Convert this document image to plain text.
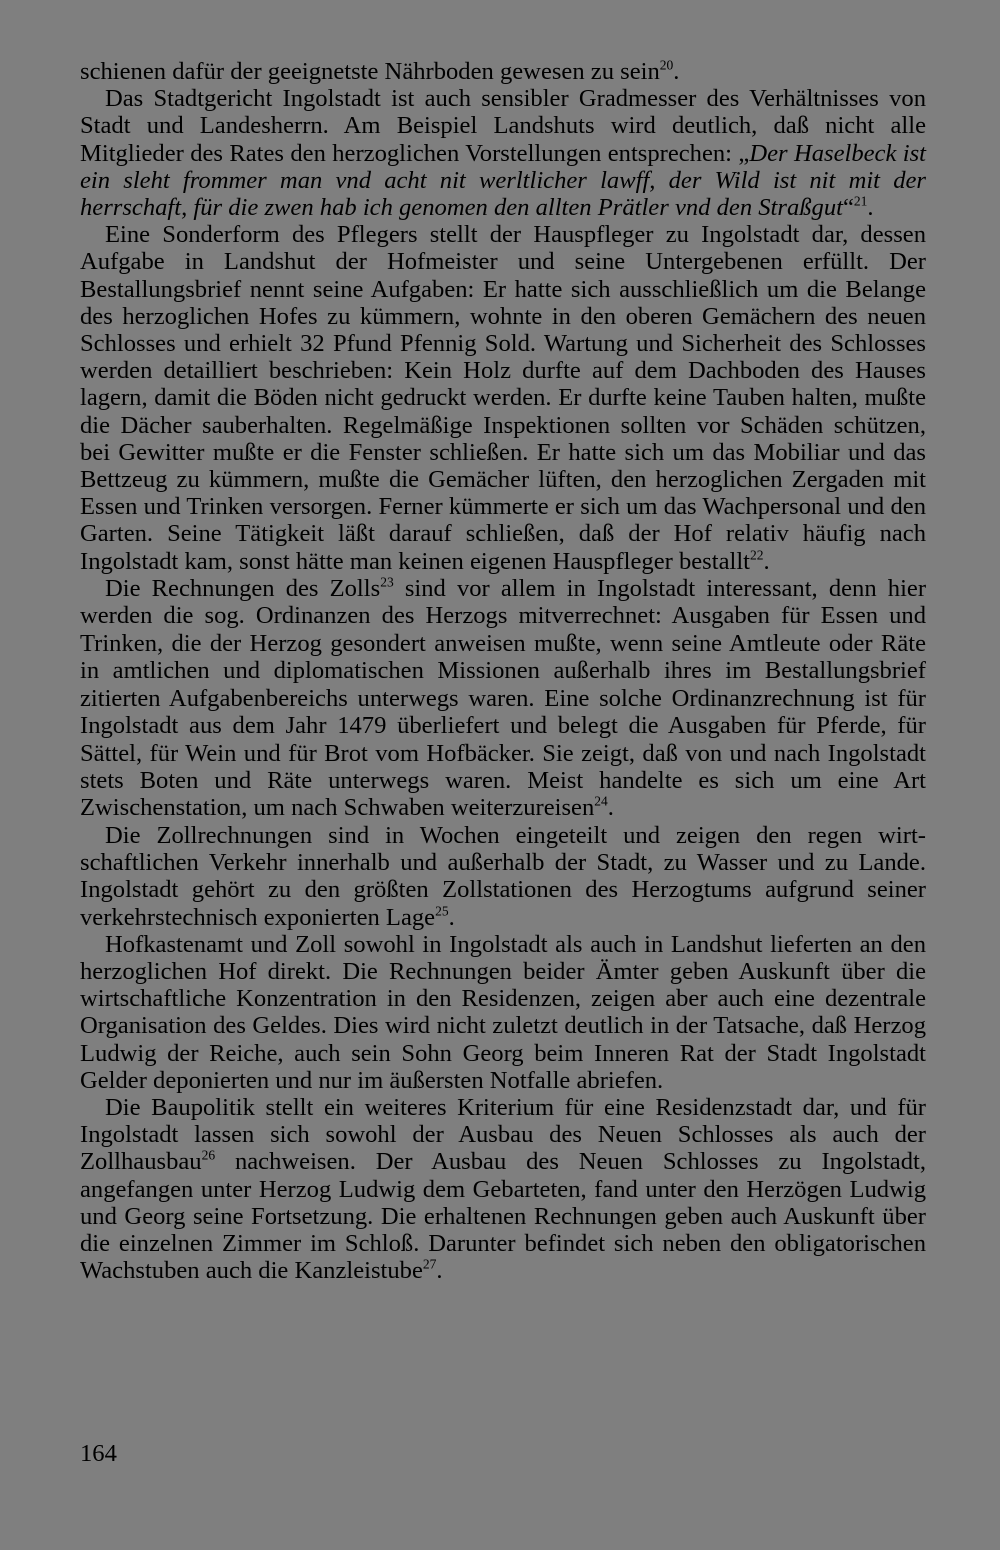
schienen dafür der geeignetste Nährboden gewesen zu sein$^{20}$.

Das Stadtgericht Ingolstadt ist auch sensibler Gradmesser des Verhältnisses von Stadt und Landesherrn. Am Beispiel Landshuts wird deutlich, daß nicht alle Mitglieder des Rates den herzoglichen Vorstellungen entsprechen: „Der Haselbeck ist ein sleht frommer man vnd acht nit werltlicher lawff, der Wild ist nit mit der herrschaft, für die zwen hab ich genomen den allten Prätler vnd den Straßgut“$^{21}$.

Eine Sonderform des Pflegers stellt der Hauspfleger zu Ingolstadt dar, dessen Aufgabe in Landshut der Hofmeister und seine Untergebenen erfüllt. Der Bestallungsbrief nennt seine Aufgaben: Er hatte sich ausschließlich um die Belange des herzoglichen Hofes zu kümmern, wohnte in den oberen Gemächern des neuen Schlosses und erhielt 32 Pfund Pfennig Sold. Wartung und Sicherheit des Schlosses werden detailliert beschrieben: Kein Holz durfte auf dem Dachboden des Hauses lagern, damit die Böden nicht gedruckt werden. Er durfte keine Tauben halten, mußte die Dächer sauberhalten. Regelmäßige Inspektionen sollten vor Schäden schützen, bei Gewitter mußte er die Fenster schließen. Er hatte sich um das Mobiliar und das Bettzeug zu kümmern, mußte die Gemächer lüften, den herzoglichen Zergaden mit Essen und Trinken versorgen. Ferner kümmerte er sich um das Wachpersonal und den Garten. Seine Tätigkeit läßt darauf schließen, daß der Hof relativ häufig nach Ingolstadt kam, sonst hätte man keinen eigenen Hauspfleger bestallt$^{22}$.

Die Rechnungen des Zolls$^{23}$ sind vor allem in Ingolstadt interessant, denn hier werden die sog. Ordinanzen des Herzogs mitverrechnet: Ausgaben für Essen und Trinken, die der Herzog gesondert anweisen mußte, wenn seine Amtleute oder Räte in amtlichen und diplomatischen Missionen außerhalb ihres im Bestallungsbrief zitierten Aufgabenbereichs unterwegs waren. Eine solche Ordinanzrechnung ist für Ingolstadt aus dem Jahr 1479 überliefert und belegt die Ausgaben für Pferde, für Sättel, für Wein und für Brot vom Hofbäcker. Sie zeigt, daß von und nach Ingolstadt stets Boten und Räte unterwegs waren. Meist handelte es sich um eine Art Zwischenstation, um nach Schwaben weiterzureisen$^{24}$.

Die Zollrechnungen sind in Wochen eingeteilt und zeigen den regen wirtschaftlichen Verkehr innerhalb und außerhalb der Stadt, zu Wasser und zu Lande. Ingolstadt gehört zu den größten Zollstationen des Herzogtums aufgrund seiner verkehrstechnisch exponierten Lage$^{25}$.

Hofkastenamt und Zoll sowohl in Ingolstadt als auch in Landshut lieferten an den herzoglichen Hof direkt. Die Rechnungen beider Ämter geben Auskunft über die wirtschaftliche Konzentration in den Residenzen, zeigen aber auch eine dezentrale Organisation des Geldes. Dies wird nicht zuletzt deutlich in der Tatsache, daß Herzog Ludwig der Reiche, auch sein Sohn Georg beim Inneren Rat der Stadt Ingolstadt Gelder deponierten und nur im äußersten Notfalle abriefen.

Die Baupolitik stellt ein weiteres Kriterium für eine Residenzstadt dar, und für Ingolstadt lassen sich sowohl der Ausbau des Neuen Schlosses als auch der Zollhausbau$^{26}$ nachweisen. Der Ausbau des Neuen Schlosses zu Ingolstadt, angefangen unter Herzog Ludwig dem Gebarteten, fand unter den Herzögen Ludwig und Georg seine Fortsetzung. Die erhaltenen Rechnungen geben auch Auskunft über die einzelnen Zimmer im Schloß. Darunter befindet sich neben den obligatorischen Wachstuben auch die Kanzleistube$^{27}$.

164
